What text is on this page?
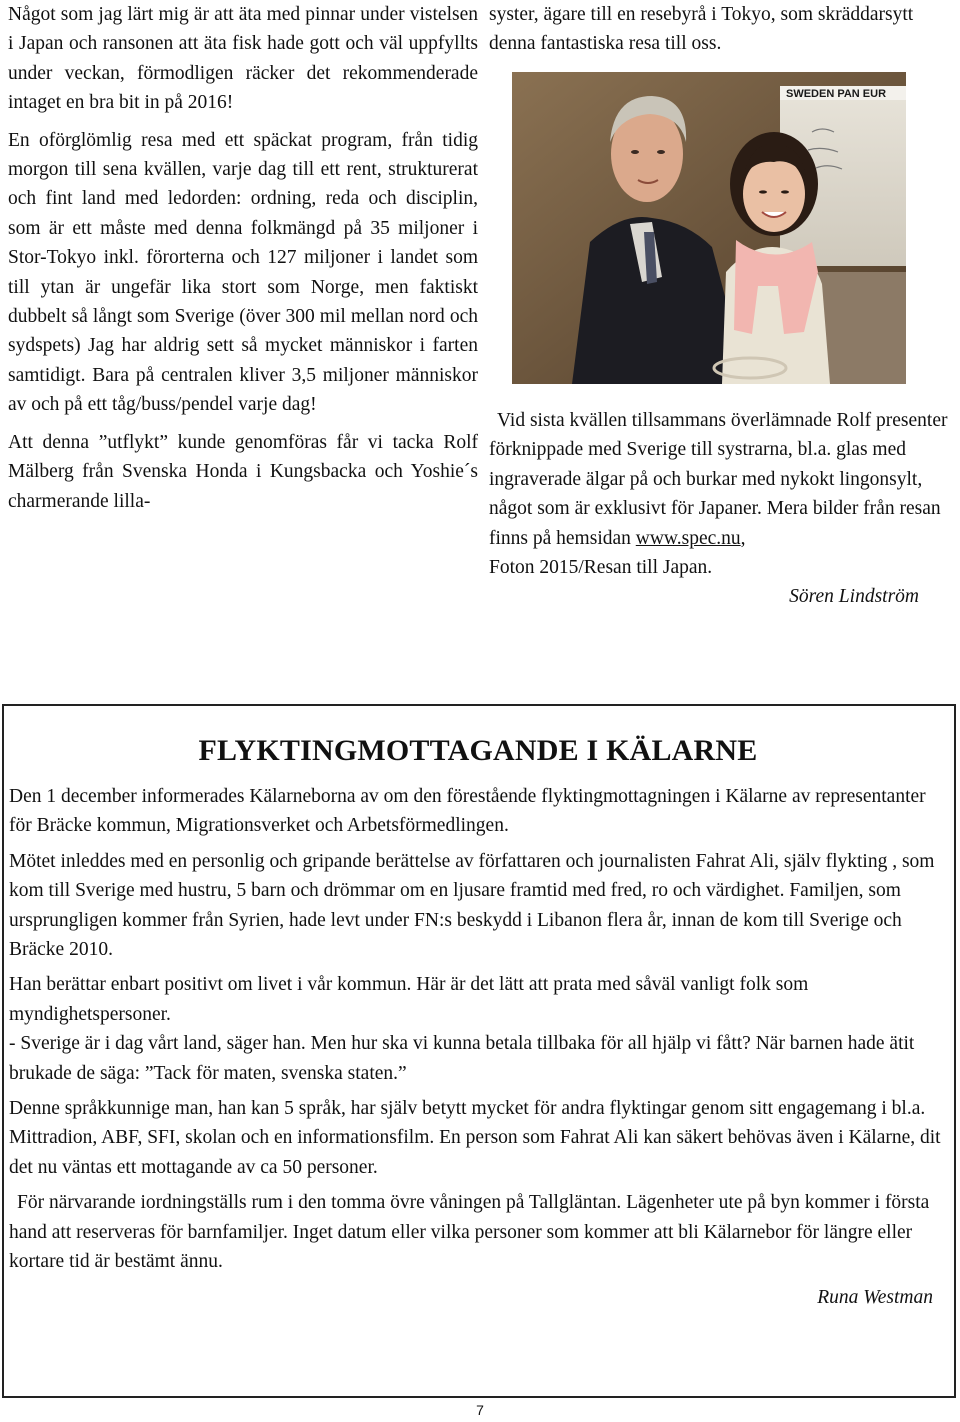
Något som jag lärt mig är att äta med pinnar under vistelsen i Japan och ransonen att äta fisk hade gott och väl uppfyllts under veckan, förmodligen räcker det rekommenderade intaget en bra bit in på 2016!

En oförglömlig resa med ett späckat program, från tidig morgon till sena kvällen, varje dag till ett rent, strukturerat och fint land med ledorden: ordning, reda och disciplin, som är ett måste med denna folkmängd på 35 miljoner i Stor-Tokyo inkl. förorterna och 127 miljoner i landet som till ytan är ungefär lika stort som Norge, men faktiskt dubbelt så långt som Sverige (över 300 mil mellan nord och sydspets) Jag har aldrig sett så mycket människor i farten samtidigt. Bara på centralen kliver 3,5 miljoner människor av och på ett tåg/buss/pendel varje dag!

Att denna ”utflykt” kunde genomföras får vi tacka Rolf Mälberg från Svenska Honda i Kungsbacka och Yoshie´s charmerande lilla-

syster, ägare till en resebyrå i Tokyo, som skräddarsytt denna fantastiska resa till oss.

SWEDEN PAN EUR

Vid sista kvällen tillsammans överlämnade Rolf presenter förknippade med Sverige till systrarna, bl.a. glas med ingraverade älgar på och burkar med nykokt lingonsylt, något som är exklusivt för Japaner. Mera bilder från resan finns på hemsidan www.spec.nu,

Foton 2015/Resan till Japan.

Sören Lindström

FLYKTINGMOTTAGANDE I KÄLARNE

Den 1 december informerades Kälarneborna av om den förestående flyktingmottagningen i Kälarne av representanter för Bräcke kommun, Migrationsverket och Arbetsförmedlingen.

Mötet inleddes med en personlig och gripande berättelse av författaren och journalisten Fahrat Ali, själv flykting , som kom till Sverige med hustru, 5 barn och drömmar om en ljusare framtid med fred, ro och värdighet. Familjen, som ursprungligen kommer från Syrien, hade levt under FN:s beskydd i Libanon flera år, innan de kom till Sverige och Bräcke 2010.

Han berättar enbart positivt om livet i vår kommun. Här är det lätt att prata med såväl vanligt folk som myndighetspersoner.

- Sverige är i dag vårt land, säger han. Men hur ska vi kunna betala tillbaka för all hjälp vi fått? När barnen hade ätit brukade de säga: ”Tack för maten, svenska staten.”

Denne språkkunnige man, han kan 5 språk, har själv betytt mycket för andra flyktingar genom sitt engagemang i bl.a. Mittradion, ABF, SFI, skolan och en informationsfilm. En person som Fahrat Ali kan säkert behövas även i Kälarne, dit det nu väntas ett mottagande av ca 50 personer.

För närvarande iordningställs rum i den tomma övre våningen på Tallgläntan. Lägenheter ute på byn kommer i första hand att reserveras för barnfamiljer. Inget datum eller vilka personer som kommer att bli Kälarnebor för längre eller kortare tid är bestämt ännu.

Runa Westman

7
